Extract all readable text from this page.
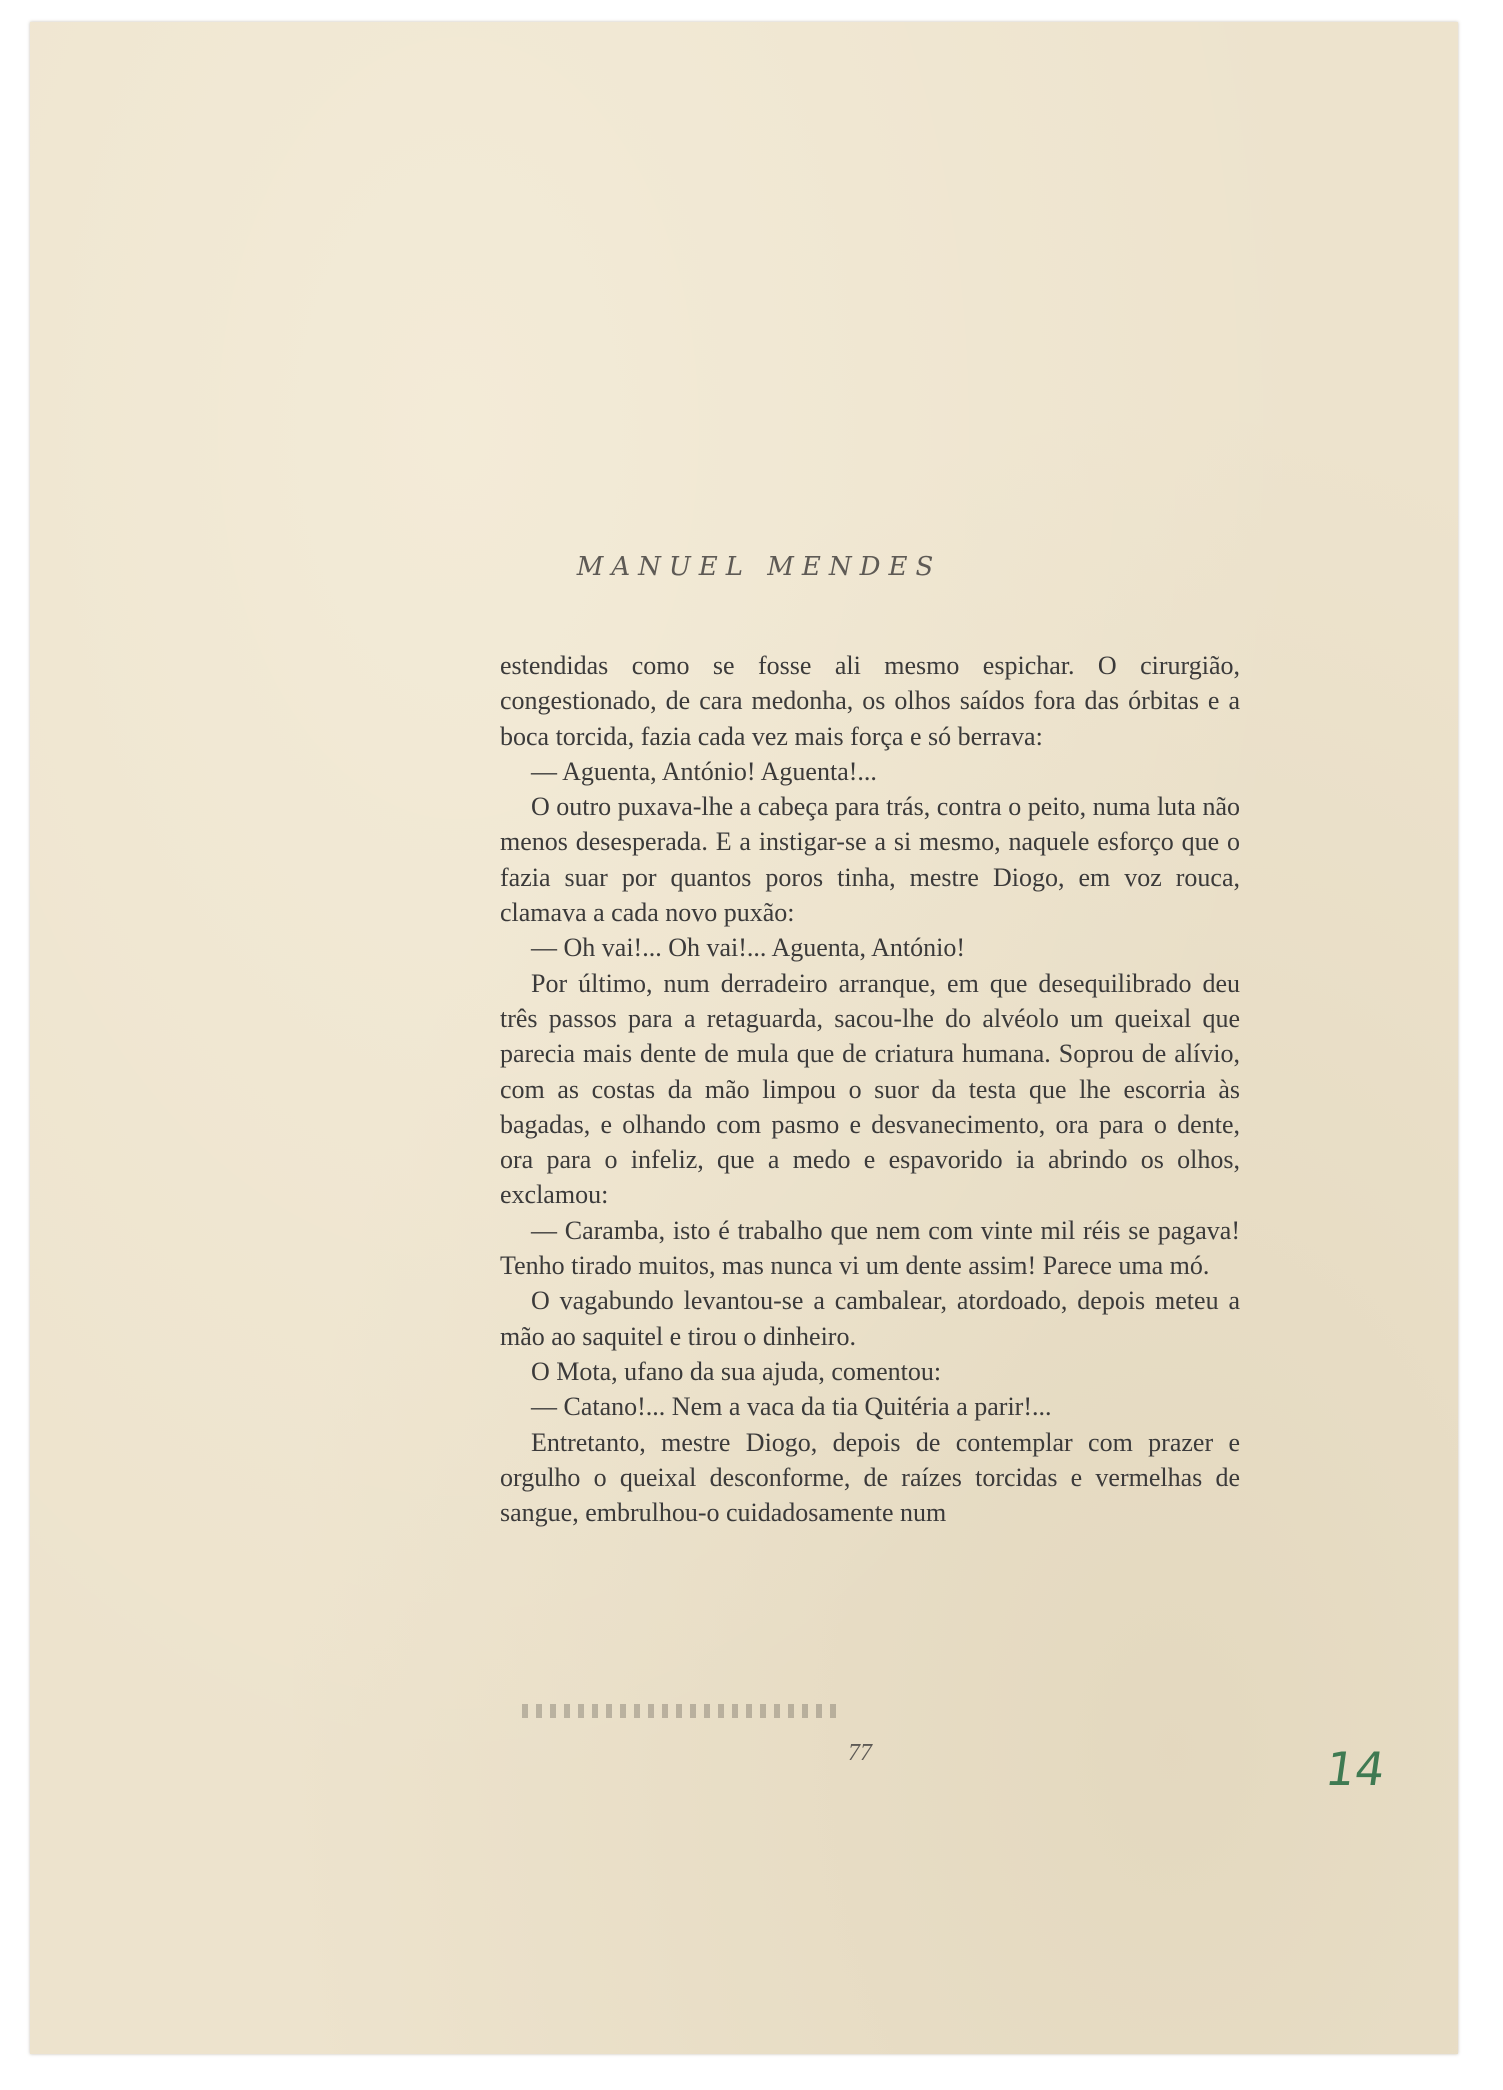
MANUEL MENDES

estendidas como se fosse ali mesmo espichar. O cirurgião, congestionado, de cara medonha, os olhos saídos fora das órbitas e a boca torcida, fazia cada vez mais força e só berrava:

— Aguenta, António! Aguenta!...

O outro puxava-lhe a cabeça para trás, contra o peito, numa luta não menos desesperada. E a instigar-se a si mesmo, naquele esforço que o fazia suar por quantos poros tinha, mestre Diogo, em voz rouca, clamava a cada novo puxão:

— Oh vai!... Oh vai!... Aguenta, António!

Por último, num derradeiro arranque, em que desequilibrado deu três passos para a retaguarda, sacou-lhe do alvéolo um queixal que parecia mais dente de mula que de criatura humana. Soprou de alívio, com as costas da mão limpou o suor da testa que lhe escorria às bagadas, e olhando com pasmo e desvanecimento, ora para o dente, ora para o infeliz, que a medo e espavorido ia abrindo os olhos, exclamou:

— Caramba, isto é trabalho que nem com vinte mil réis se pagava! Tenho tirado muitos, mas nunca vi um dente assim! Parece uma mó.

O vagabundo levantou-se a cambalear, atordoado, depois meteu a mão ao saquitel e tirou o dinheiro.

O Mota, ufano da sua ajuda, comentou:

— Catano!... Nem a vaca da tia Quitéria a parir!...

Entretanto, mestre Diogo, depois de contemplar com prazer e orgulho o queixal desconforme, de raízes torcidas e vermelhas de sangue, embrulhou-o cuidadosamente num

77	14
